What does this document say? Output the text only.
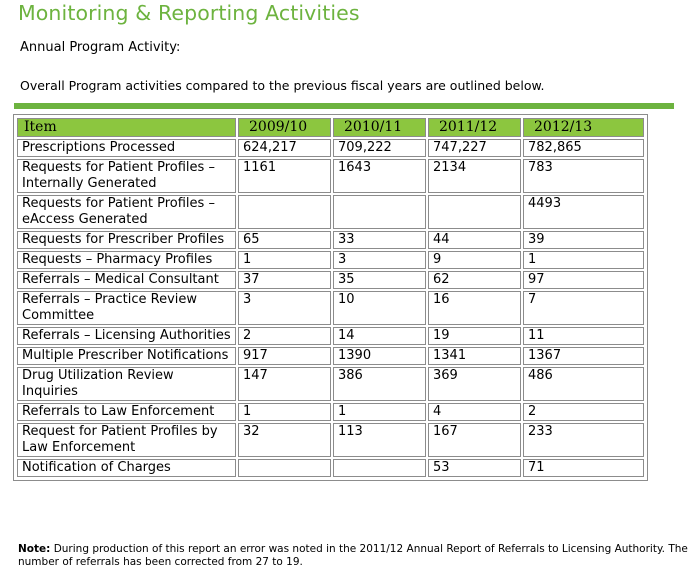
Monitoring & Reporting Activities
Annual Program Activity:
Overall Program activities compared to the previous fiscal years are outlined below.
Item	2009/10	2010/11	2011/12	2012/13
Prescriptions Processed	624,217	709,222	747,227	782,865
Requests for Patient Profiles – Internally Generated	1161	1643	2134	783
Requests for Patient Profiles – eAccess Generated				4493
Requests for Prescriber Profiles	65	33	44	39
Requests – Pharmacy Profiles	1	3	9	1
Referrals – Medical Consultant	37	35	62	97
Referrals – Practice Review Committee	3	10	16	7
Referrals – Licensing Authorities	2	14	19	11
Multiple Prescriber Notifications	917	1390	1341	1367
Drug Utilization Review Inquiries	147	386	369	486
Referrals to Law Enforcement	1	1	4	2
Request for Patient Profiles by Law Enforcement	32	113	167	233
Notification of Charges			53	71
Note: During production of this report an error was noted in the 2011/12 Annual Report of Referrals to Licensing Authority. The number of referrals has been corrected from 27 to 19.
